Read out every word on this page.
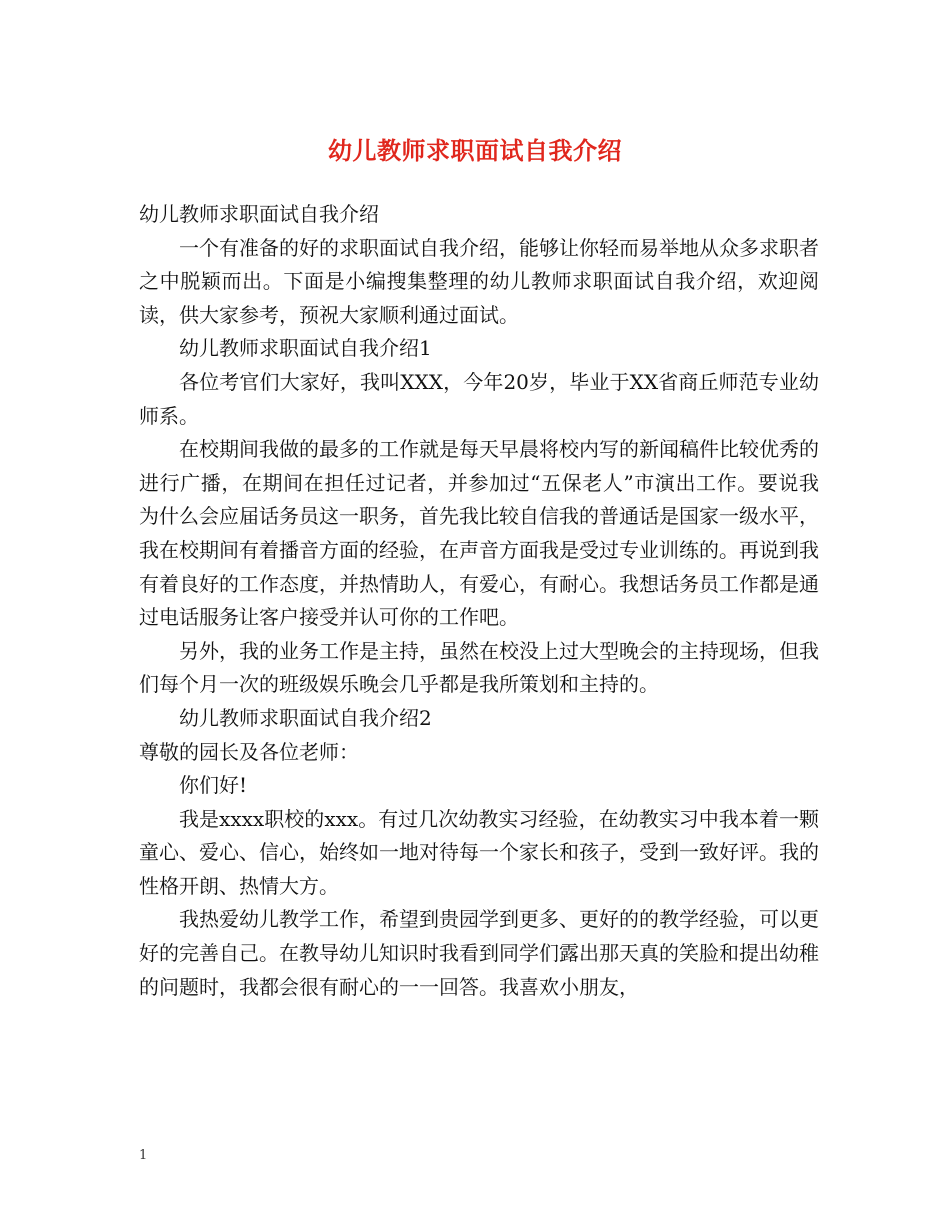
幼儿教师求职面试自我介绍

幼儿教师求职面试自我介绍

一个有准备的好的求职面试自我介绍，能够让你轻而易举地从众多求职者之中脱颖而出。下面是小编搜集整理的幼儿教师求职面试自我介绍，欢迎阅读，供大家参考，预祝大家顺利通过面试。

幼儿教师求职面试自我介绍1

各位考官们大家好，我叫XXX，今年20岁，毕业于XX省商丘师范专业幼师系。

在校期间我做的最多的工作就是每天早晨将校内写的新闻稿件比较优秀的进行广播，在期间在担任过记者，并参加过“五保老人”市演出工作。要说我为什么会应届话务员这一职务，首先我比较自信我的普通话是国家一级水平，我在校期间有着播音方面的经验，在声音方面我是受过专业训练的。再说到我有着良好的工作态度，并热情助人，有爱心，有耐心。我想话务员工作都是通过电话服务让客户接受并认可你的工作吧。

另外，我的业务工作是主持，虽然在校没上过大型晚会的主持现场，但我们每个月一次的班级娱乐晚会几乎都是我所策划和主持的。

幼儿教师求职面试自我介绍2

尊敬的园长及各位老师：

你们好!

我是xxxx职校的xxx。有过几次幼教实习经验，在幼教实习中我本着一颗童心、爱心、信心，始终如一地对待每一个家长和孩子，受到一致好评。我的性格开朗、热情大方。

我热爱幼儿教学工作，希望到贵园学到更多、更好的的教学经验，可以更好的完善自己。在教导幼儿知识时我看到同学们露出那天真的笑脸和提出幼稚的问题时，我都会很有耐心的一一回答。我喜欢小朋友，

1
